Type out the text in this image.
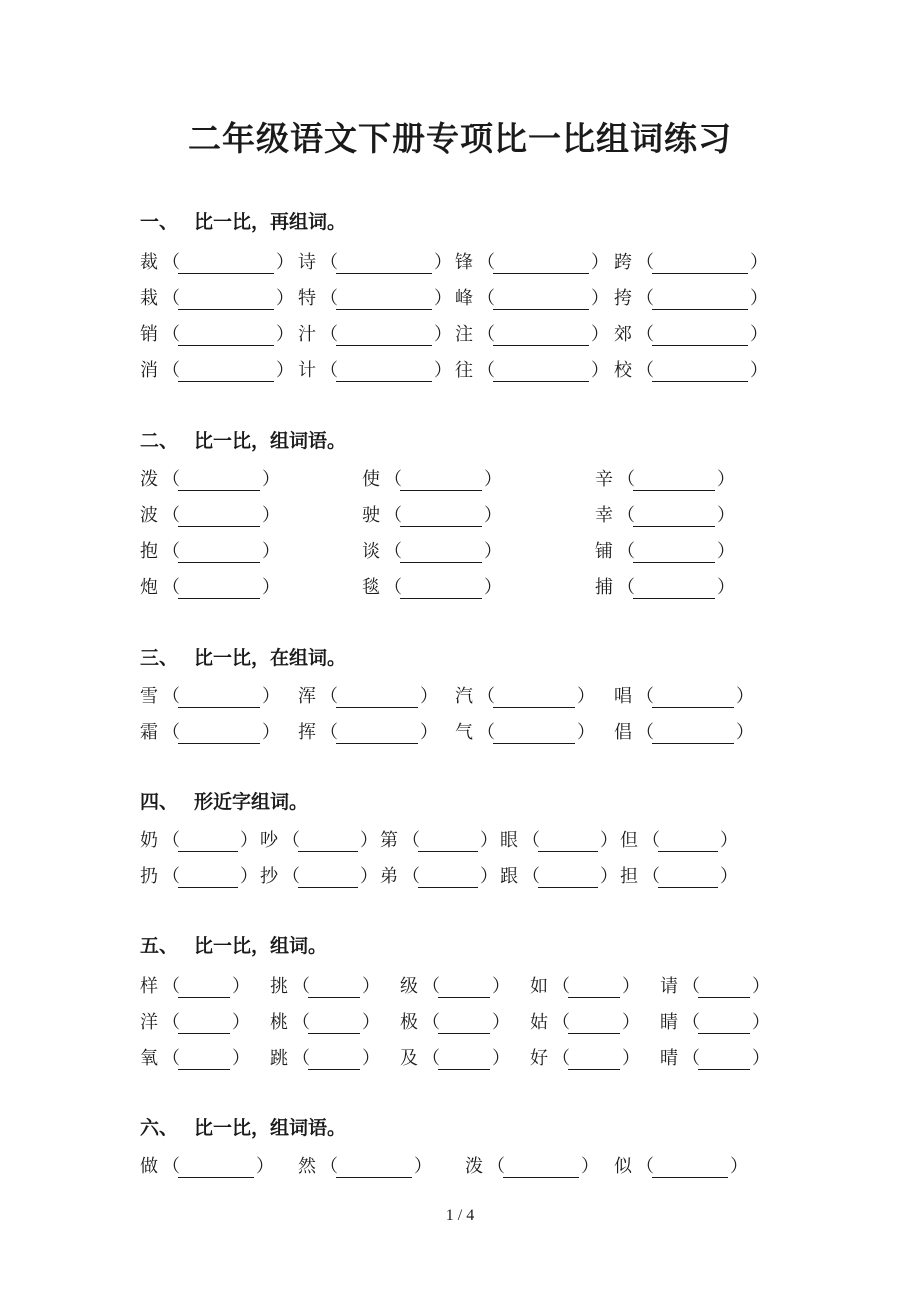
二年级语文下册专项比一比组词练习
一、 比一比，再组词。
裁 （	） 诗 （	） 锋 （	） 跨 （	）
栽 （	） 特 （	） 峰 （	） 挎 （	）
销 （	） 汁 （	） 注 （	） 郊 （	）
消 （	） 计 （	） 往 （	） 校 （	）
二、 比一比，组词语。
泼 （	）	使 （	）	辛 （	）
波 （	）	驶 （	）	幸 （	）
抱 （	）	谈 （	）	铺 （	）
炮 （	）	毯 （	）	捕 （	）
三、 比一比，在组词。
雪 （	） 浑 （	） 汽 （	） 唱 （	）
霜 （	） 挥 （	） 气 （	） 倡 （	）
四、 形近字组词。
奶 （	） 吵 （	） 第 （	） 眼 （	） 但 （	）
扔 （	） 抄 （	） 弟 （	） 跟 （	） 担 （	）
五、 比一比，组词。
样 （	） 挑 （	） 级 （	） 如 （	） 请 （	）
洋 （	） 桃 （	） 极 （	） 姑 （	） 睛 （	）
氧 （	） 跳 （	） 及 （	） 好 （	） 晴 （	）
六、 比一比，组词语。
做 （	） 然 （	） 泼 （	） 似 （	）
1 / 4
